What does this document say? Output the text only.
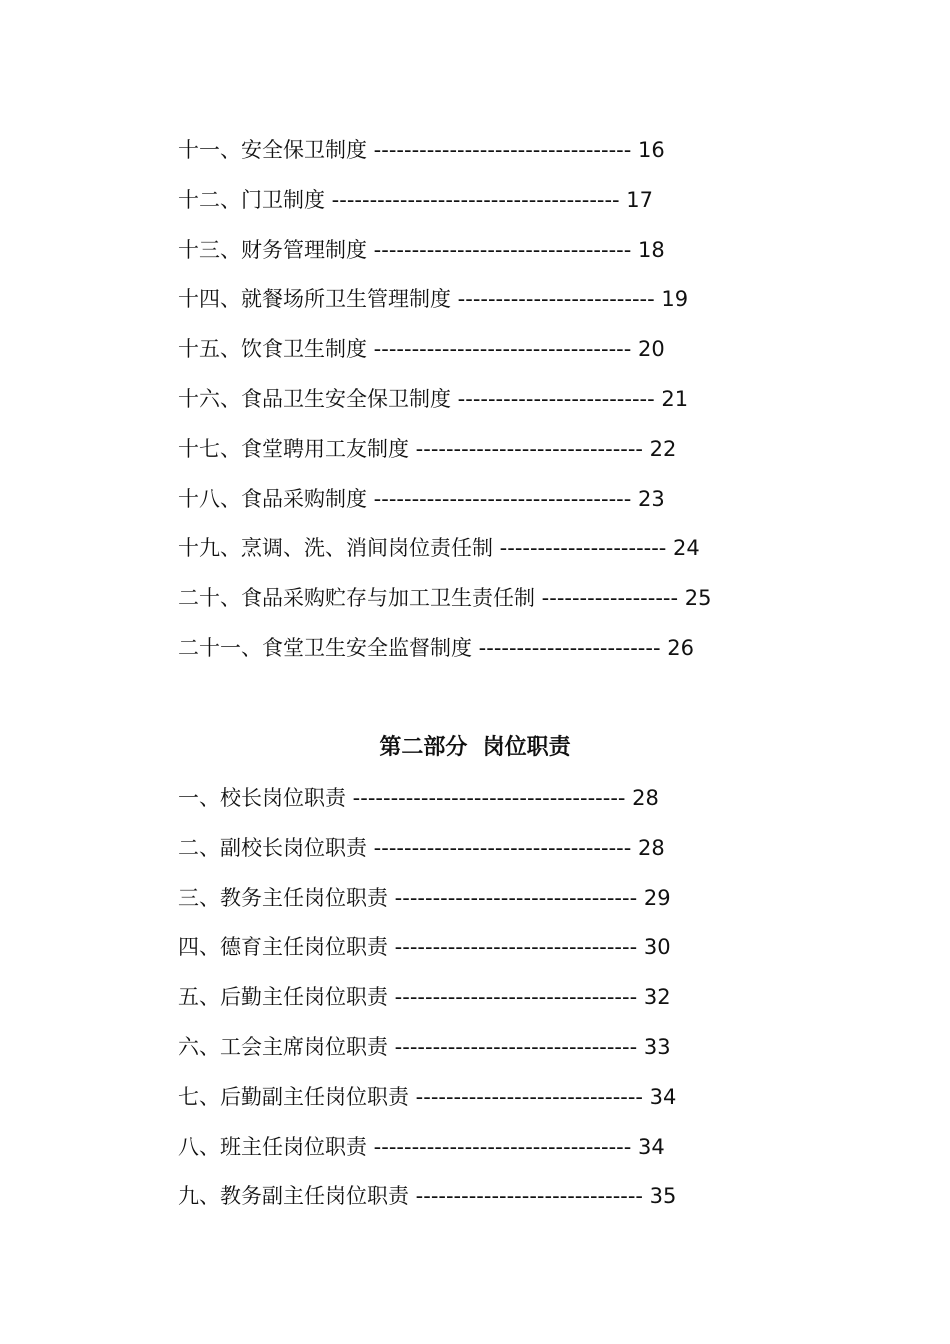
十一、安全保卫制度 ---------------------------------- 16
十二、门卫制度 -------------------------------------- 17
十三、财务管理制度 ---------------------------------- 18
十四、就餐场所卫生管理制度 -------------------------- 19
十五、饮食卫生制度 ---------------------------------- 20
十六、食品卫生安全保卫制度 -------------------------- 21
十七、食堂聘用工友制度 ------------------------------ 22
十八、食品采购制度 ---------------------------------- 23
十九、烹调、洗、消间岗位责任制 ---------------------- 24
二十、食品采购贮存与加工卫生责任制 ------------------ 25
二十一、食堂卫生安全监督制度 ------------------------ 26
第二部分  岗位职责
一、校长岗位职责 ------------------------------------ 28
二、副校长岗位职责 ---------------------------------- 28
三、教务主任岗位职责 -------------------------------- 29
四、德育主任岗位职责 -------------------------------- 30
五、后勤主任岗位职责 -------------------------------- 32
六、工会主席岗位职责 -------------------------------- 33
七、后勤副主任岗位职责 ------------------------------ 34
八、班主任岗位职责 ---------------------------------- 34
九、教务副主任岗位职责 ------------------------------ 35
